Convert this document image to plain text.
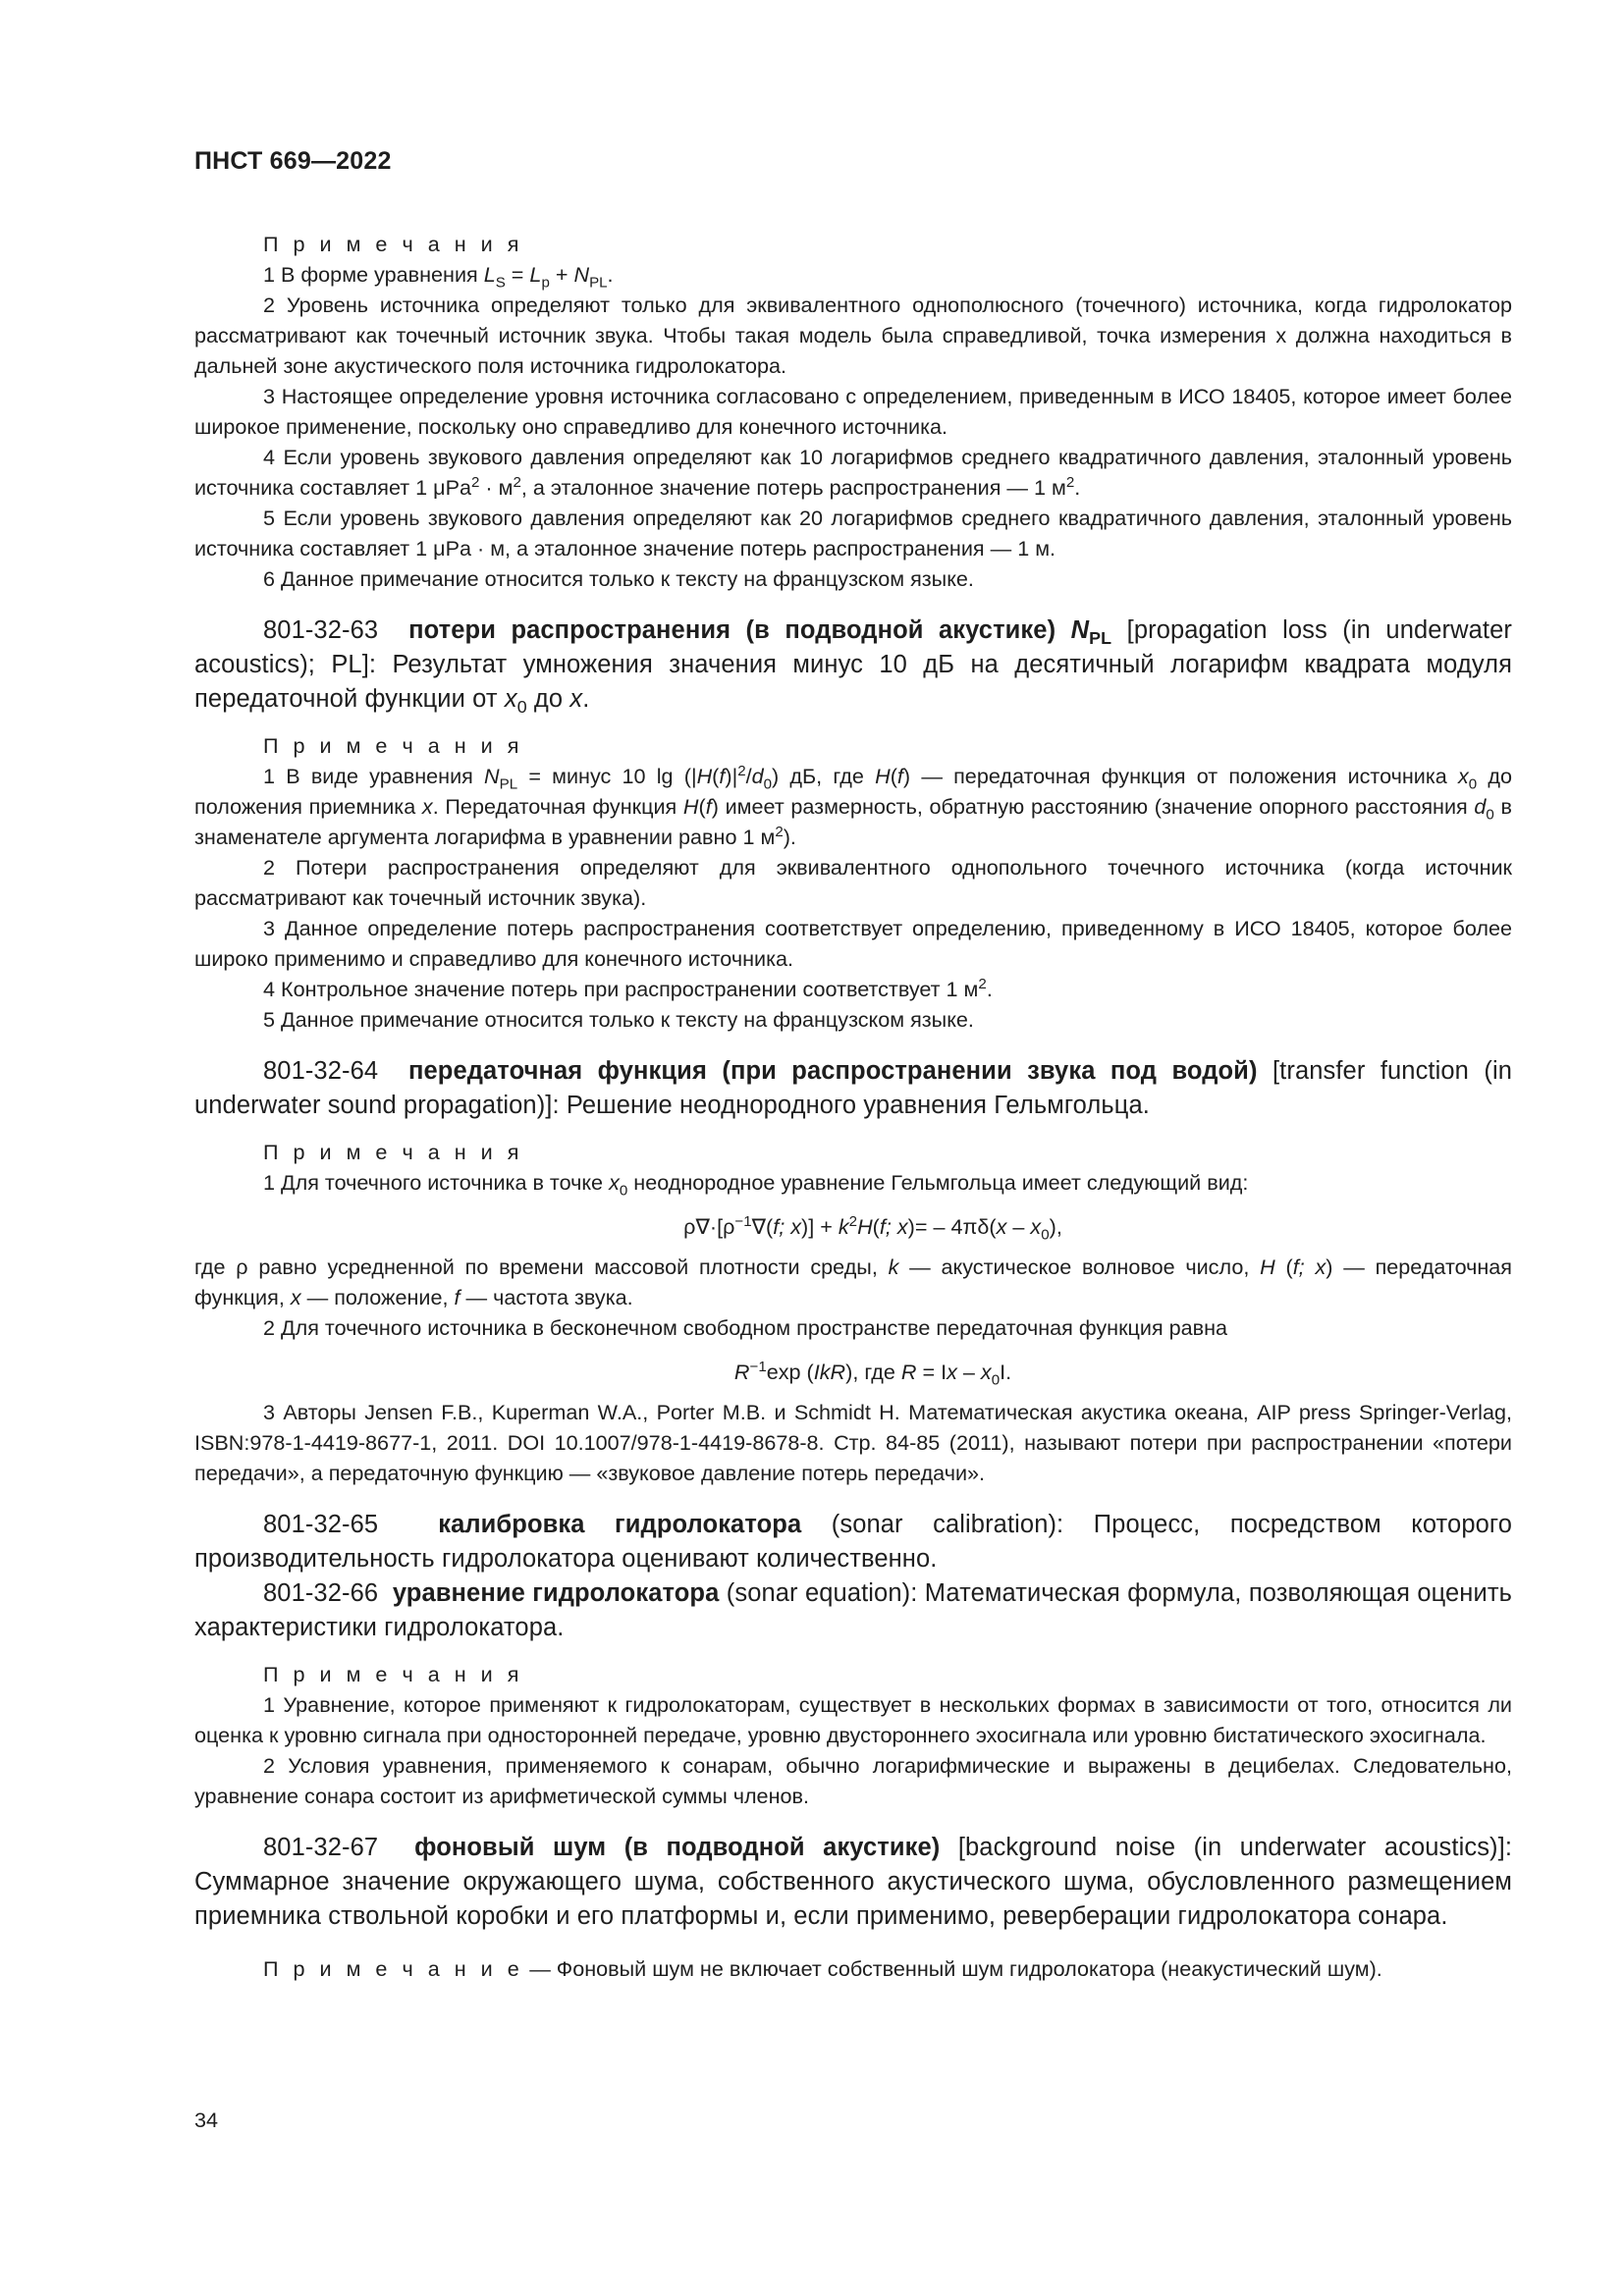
ПНСТ 669—2022

П р и м е ч а н и я

1 В форме уравнения $L_S = L_p + N_{PL}$.

2 Уровень источника определяют только для эквивалентного однополюсного (точечного) источника, когда гидролокатор рассматривают как точечный источник звука. Чтобы такая модель была справедливой, точка измерения x должна находиться в дальней зоне акустического поля источника гидролокатора.

3 Настоящее определение уровня источника согласовано с определением, приведенным в ИСО 18405, которое имеет более широкое применение, поскольку оно справедливо для конечного источника.

4 Если уровень звукового давления определяют как 10 логарифмов среднего квадратичного давления, эталонный уровень источника составляет 1 $\mu Pa^2 \cdot м^2$, а эталонное значение потерь распространения — 1 $м^2$.

5 Если уровень звукового давления определяют как 20 логарифмов среднего квадратичного давления, эталонный уровень источника составляет 1 μPa · м, а эталонное значение потерь распространения — 1 м.

6 Данное примечание относится только к тексту на французском языке.

801-32-63 потери распространения (в подводной акустике) $N_{PL}$ [propagation loss (in underwater acoustics); PL]: Результат умножения значения минус 10 дБ на десятичный логарифм квадрата модуля передаточной функции от $x_0$ до x.

П р и м е ч а н и я

1 В виде уравнения $N_{PL}$ = минус 10 $\lg (|H(f)|^2/d_0)$ дБ, где H(f) — передаточная функция от положения источника $x_0$ до положения приемника x. Передаточная функция H(f) имеет размерность, обратную расстоянию (значение опорного расстояния $d_0$ в знаменателе аргумента логарифма в уравнении равно 1 $м^2$).

2 Потери распространения определяют для эквивалентного однопольного точечного источника (когда источник рассматривают как точечный источник звука).

3 Данное определение потерь распространения соответствует определению, приведенному в ИСО 18405, которое более широко применимо и справедливо для конечного источника.

4 Контрольное значение потерь при распространении соответствует 1 $м^2$.

5 Данное примечание относится только к тексту на французском языке.

801-32-64 передаточная функция (при распространении звука под водой) [transfer function (in underwater sound propagation)]: Решение неоднородного уравнения Гельмгольца.

П р и м е ч а н и я

1 Для точечного источника в точке $x_0$ неоднородное уравнение Гельмгольца имеет следующий вид:

$\rho\nabla\cdot[\rho^{-1}\nabla(f$; $x)] + k^2H(f$; $x)= - 4\pi\delta(x - x_0)$,

где ρ равно усредненной по времени массовой плотности среды, k — акустическое волновое число, H (f; x) — передаточная функция, x — положение, f — частота звука.

2 Для точечного источника в бесконечном свободном пространстве передаточная функция равна

$R^{-1}\exp$ (IkR), где $R = Ix - x_0I$.

3 Авторы Jensen F.B., Kuperman W.A., Porter M.B. и Schmidt H. Математическая акустика океана, AIP press Springer-Verlag, ISBN:978-1-4419-8677-1, 2011. DOI 10.1007/978-1-4419-8678-8. Стр. 84-85 (2011), называют потери при распространении «потери передачи», а передаточную функцию — «звуковое давление потерь передачи».

801-32-65 калибровка гидролокатора (sonar calibration): Процесс, посредством которого производительность гидролокатора оценивают количественно.

801-32-66 уравнение гидролокатора (sonar equation): Математическая формула, позволяющая оценить характеристики гидролокатора.

П р и м е ч а н и я

1 Уравнение, которое применяют к гидролокаторам, существует в нескольких формах в зависимости от того, относится ли оценка к уровню сигнала при односторонней передаче, уровню двустороннего эхосигнала или уровню бистатического эхосигнала.

2 Условия уравнения, применяемого к сонарам, обычно логарифмические и выражены в децибелах. Следовательно, уравнение сонара состоит из арифметической суммы членов.

801-32-67 фоновый шум (в подводной акустике) [background noise (in underwater acoustics)]: Суммарное значение окружающего шума, собственного акустического шума, обусловленного размещением приемника ствольной коробки и его платформы и, если применимо, реверберации гидролокатора сонара.

П р и м е ч а н и е — Фоновый шум не включает собственный шум гидролокатора (неакустический шум).

34
